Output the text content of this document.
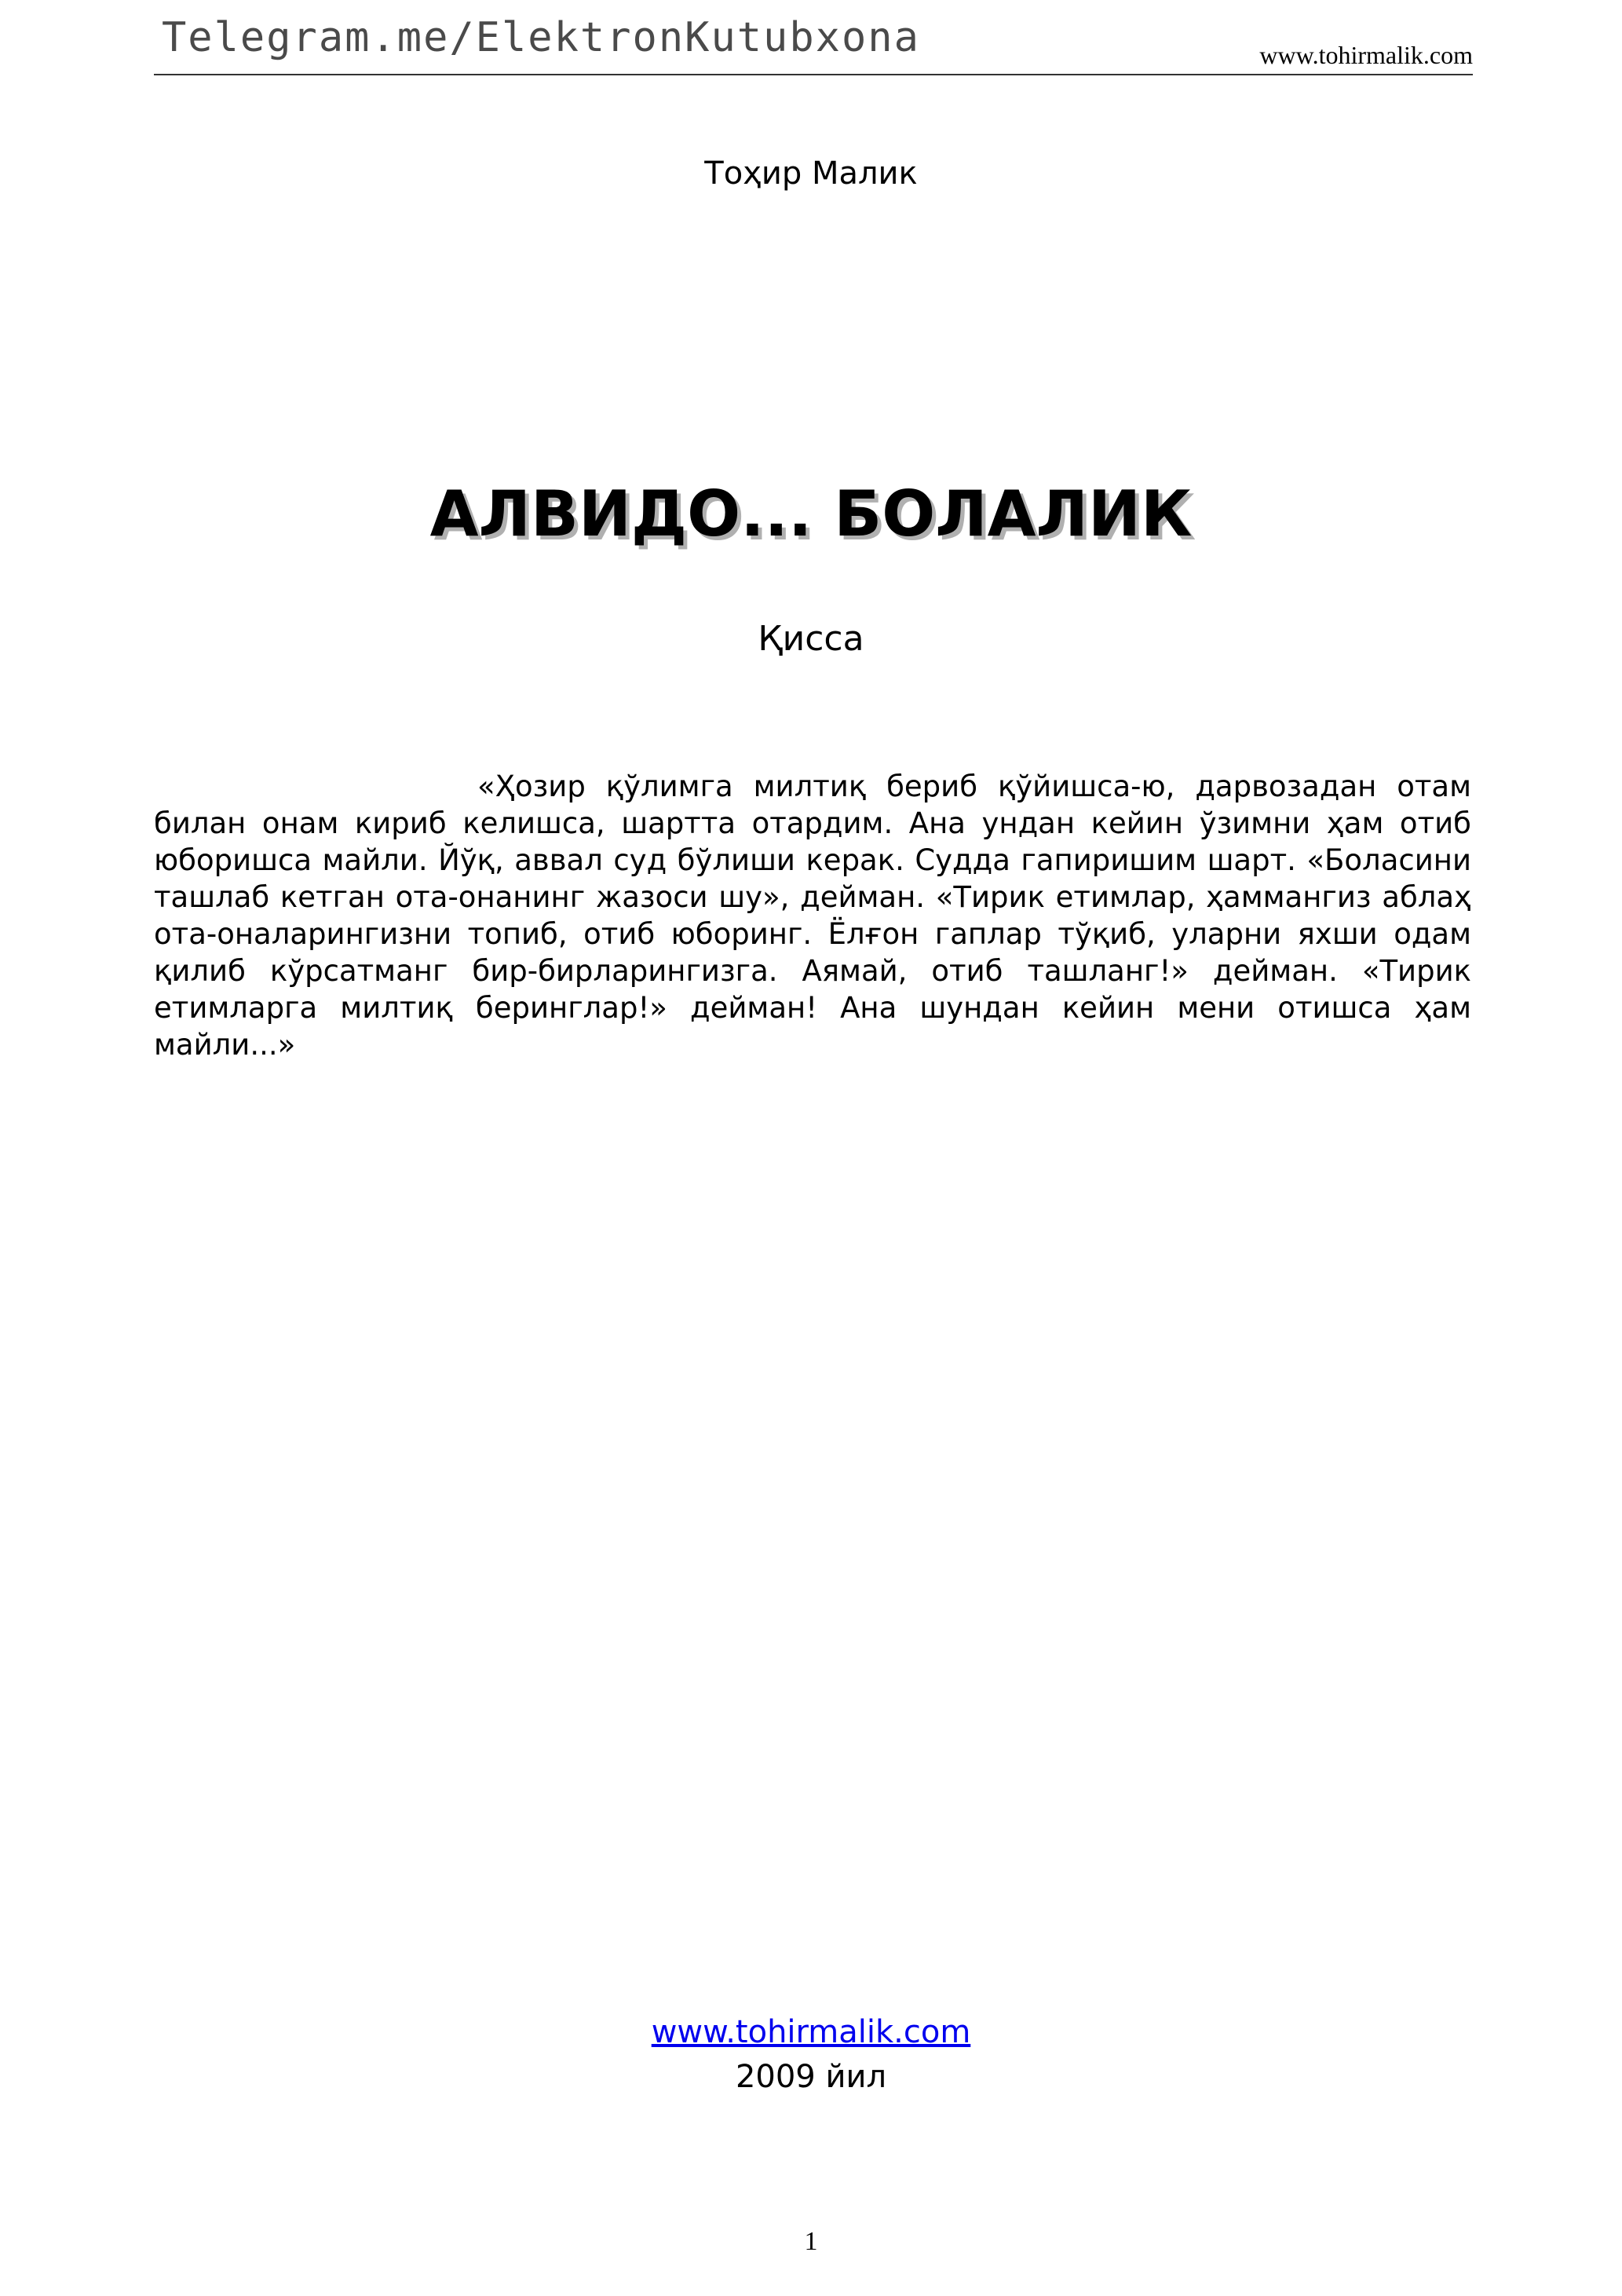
Telegram.me/ElektronKutubxona	www.tohirmalik.com
Тоҳир Малик
АЛВИДО... БОЛАЛИК
Қисса

«Ҳозир қўлимга милтиқ бериб қўйишса-ю, дарвозадан отам билан онам кириб келишса, шартта отардим. Ана ундан кейин ўзимни ҳам отиб юборишса майли. Йўқ, аввал суд бўлиши керак. Судда гапиришим шарт. «Боласини ташлаб кетган ота-онанинг жазоси шу», дейман. «Тирик етимлар, ҳаммангиз аблаҳ ота-оналарингизни топиб, отиб юборинг. Ёлғон гаплар тўқиб, уларни яхши одам қилиб кўрсатманг бир-бирларингизга. Аямай, отиб ташланг!» дейман. «Тирик етимларга милтиқ беринглар!» дейман! Ана шундан кейин мени отишса ҳам майли...»

www.tohirmalik.com
2009 йил
1
